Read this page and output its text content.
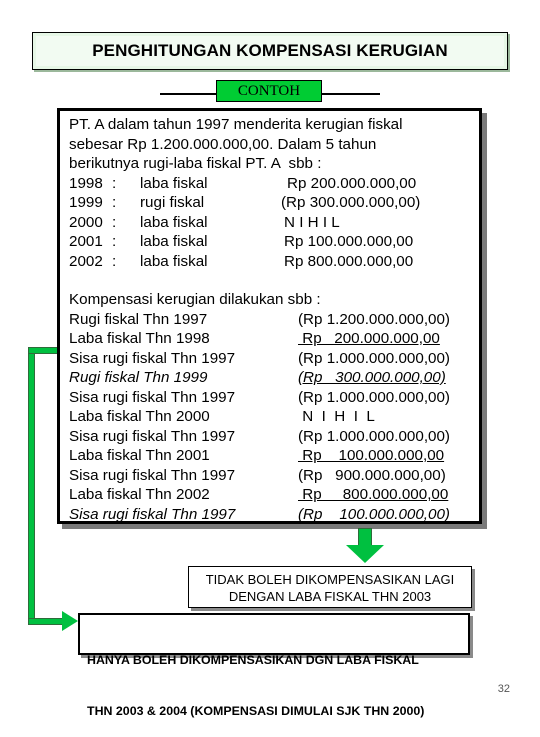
PENGHITUNGAN KOMPENSASI KERUGIAN
CONTOH
PT. A dalam tahun 1997 menderita kerugian fiskal
sebesar Rp 1.200.000.000,00. Dalam 5 tahun
berikutnya rugi-laba fiskal PT. A  sbb :
1998 : laba fiskal	Rp 200.000.000,00
1999 : rugi fiskal	(Rp 300.000.000,00)
2000 : laba fiskal	N I H I L
2001 : laba fiskal	Rp 100.000.000,00
2002 : laba fiskal	Rp 800.000.000,00
Kompensasi kerugian dilakukan sbb :
Rugi fiskal Thn 1997	(Rp 1.200.000.000,00)
Laba fiskal Thn 1998	Rp   200.000.000,00
Sisa rugi fiskal Thn 1997	(Rp 1.000.000.000,00)
Rugi fiskal Thn 1999	(Rp   300.000.000,00)
Sisa rugi fiskal Thn 1997	(Rp 1.000.000.000,00)
Laba fiskal Thn 2000	N  I  H  I  L
Sisa rugi fiskal Thn 1997	(Rp 1.000.000.000,00)
Laba fiskal Thn 2001	Rp    100.000.000,00
Sisa rugi fiskal Thn 1997	(Rp   900.000.000,00)
Laba fiskal Thn 2002	Rp     800.000.000,00
Sisa rugi fiskal Thn 1997	(Rp    100.000.000,00)
TIDAK BOLEH DIKOMPENSASIKAN LAGI
DENGAN LABA FISKAL THN 2003

HANYA BOLEH DIKOMPENSASIKAN DGN LABA FISKAL

THN 2003 & 2004 (KOMPENSASI DIMULAI SJK THN 2000)

32
